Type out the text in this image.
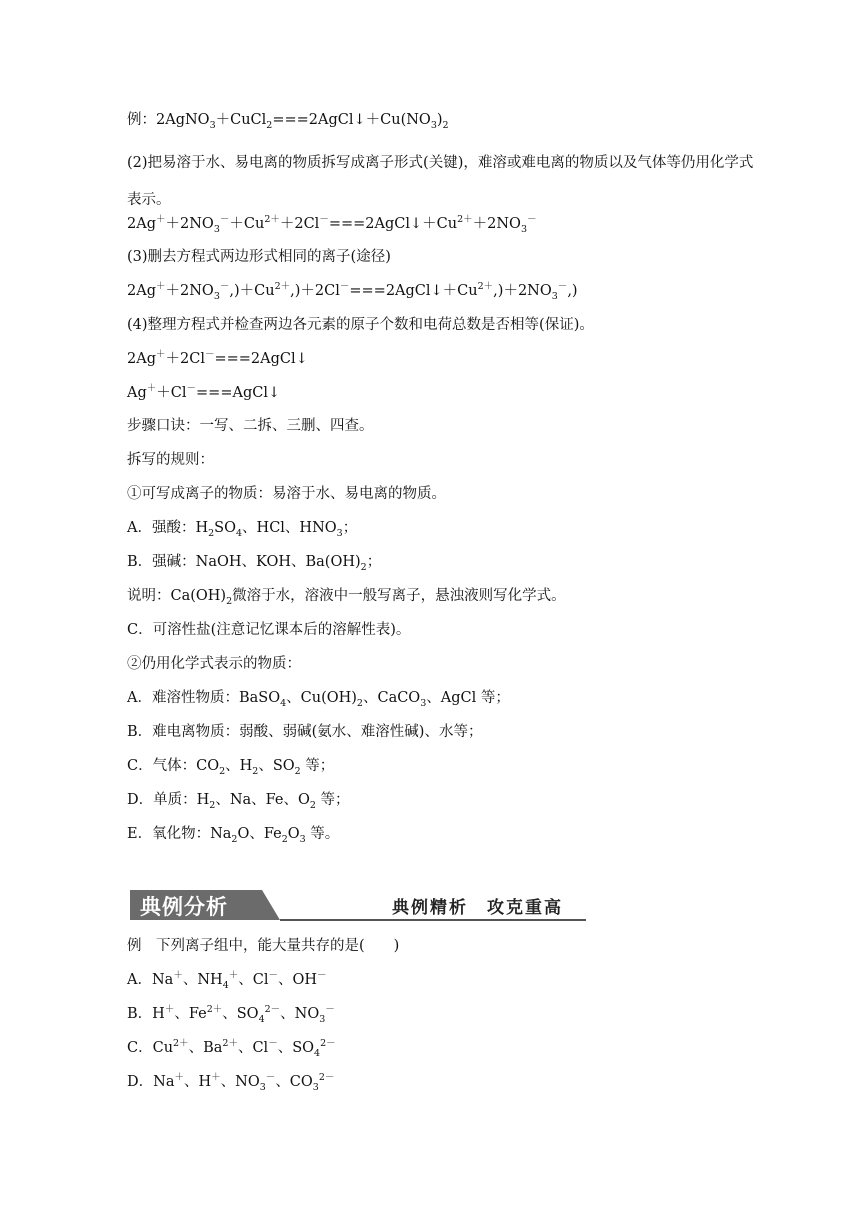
例：$2AgNO_3+CuCl_2===2AgCl↓+Cu(NO_3)_2$
(2)把易溶于水、易电离的物质拆写成离子形式(关键)，难溶或难电离的物质以及气体等仍用化学式表示。
$2Ag^++2NO_3^-+Cu^{2+}+2Cl^-===2AgCl↓+Cu^{2+}+2NO_3^-$
(3)删去方程式两边形式相同的离子(途径)
$2Ag^++2NO_3^-,)+Cu^{2+},)+2Cl^-===2AgCl↓+Cu^{2+},)+2NO_3^-$,)
(4)整理方程式并检查两边各元素的原子个数和电荷总数是否相等(保证)。
2Ag＋＋2Cl－===2AgCl↓
Ag＋＋Cl－===AgCl↓
步骤口诀：一写、二拆、三删、四查。
拆写的规则：
①可写成离子的物质：易溶于水、易电离的物质。
A．强酸：$H_2SO_4$、HCl、$HNO_3$；
B．强碱：NaOH、KOH、$Ba(OH)_2$；
说明：$Ca(OH)_2$微溶于水，溶液中一般写离子，悬浊液则写化学式。
C．可溶性盐(注意记忆课本后的溶解性表)。
②仍用化学式表示的物质：
A．难溶性物质：BaSO$_4$、$Cu(OH)_2$、CaCO$_3$、AgCl 等；
B．难电离物质：弱酸、弱碱(氨水、难溶性碱)、水等；
C．气体：$CO_2$、$H_2$、$SO_2$ 等；
D．单质：$H_2$、Na、Fe、$O_2$ 等；
E．氧化物：$Na_2O$、$Fe_2O_3$ 等。
典例分析	典例精析　攻克重高
例　下列离子组中，能大量共存的是(　　)
A．Na＋、$NH_4^+$、Cl－、OH－
B．H＋、$Fe^{2+}$、$SO_4^{2-}$、$NO_3^-$
C．$Cu^{2+}$、$Ba^{2+}$、Cl－、$SO_4^{2-}$
D．Na＋、H＋、$NO_3^-$、$CO_3^{2-}$
